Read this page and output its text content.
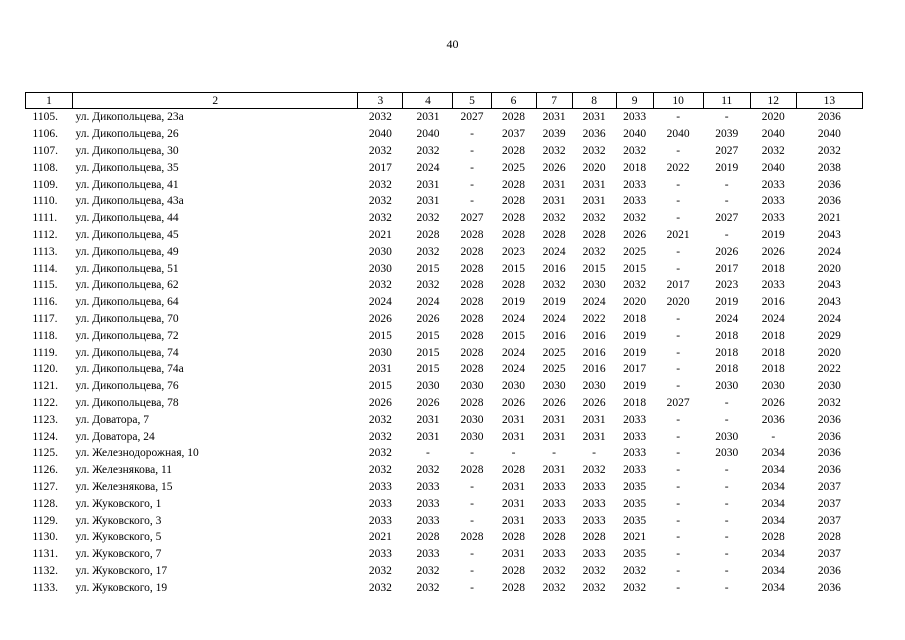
40
1	2	3	4	5	6	7	8	9	10	11	12	13
1105.	ул. Дикопольцева, 23а	2032	2031	2027	2028	2031	2031	2033	-	-	2020	2036
1106.	ул. Дикопольцева, 26	2040	2040	-	2037	2039	2036	2040	2040	2039	2040	2040
1107.	ул. Дикопольцева, 30	2032	2032	-	2028	2032	2032	2032	-	2027	2032	2032
1108.	ул. Дикопольцева, 35	2017	2024	-	2025	2026	2020	2018	2022	2019	2040	2038
1109.	ул. Дикопольцева, 41	2032	2031	-	2028	2031	2031	2033	-	-	2033	2036
1110.	ул. Дикопольцева, 43а	2032	2031	-	2028	2031	2031	2033	-	-	2033	2036
1111.	ул. Дикопольцева, 44	2032	2032	2027	2028	2032	2032	2032	-	2027	2033	2021
1112.	ул. Дикопольцева, 45	2021	2028	2028	2028	2028	2028	2026	2021	-	2019	2043
1113.	ул. Дикопольцева, 49	2030	2032	2028	2023	2024	2032	2025	-	2026	2026	2024
1114.	ул. Дикопольцева, 51	2030	2015	2028	2015	2016	2015	2015	-	2017	2018	2020
1115.	ул. Дикопольцева, 62	2032	2032	2028	2028	2032	2030	2032	2017	2023	2033	2043
1116.	ул. Дикопольцева, 64	2024	2024	2028	2019	2019	2024	2020	2020	2019	2016	2043
1117.	ул. Дикопольцева, 70	2026	2026	2028	2024	2024	2022	2018	-	2024	2024	2024
1118.	ул. Дикопольцева, 72	2015	2015	2028	2015	2016	2016	2019	-	2018	2018	2029
1119.	ул. Дикопольцева, 74	2030	2015	2028	2024	2025	2016	2019	-	2018	2018	2020
1120.	ул. Дикопольцева, 74а	2031	2015	2028	2024	2025	2016	2017	-	2018	2018	2022
1121.	ул. Дикопольцева, 76	2015	2030	2030	2030	2030	2030	2019	-	2030	2030	2030
1122.	ул. Дикопольцева, 78	2026	2026	2028	2026	2026	2026	2018	2027	-	2026	2032
1123.	ул. Доватора, 7	2032	2031	2030	2031	2031	2031	2033	-	-	2036	2036
1124.	ул. Доватора, 24	2032	2031	2030	2031	2031	2031	2033	-	2030	-	2036
1125.	ул. Железнодорожная, 10	2032	-	-	-	-	-	2033	-	2030	2034	2036
1126.	ул. Железнякова, 11	2032	2032	2028	2028	2031	2032	2033	-	-	2034	2036
1127.	ул. Железнякова, 15	2033	2033	-	2031	2033	2033	2035	-	-	2034	2037
1128.	ул. Жуковского, 1	2033	2033	-	2031	2033	2033	2035	-	-	2034	2037
1129.	ул. Жуковского, 3	2033	2033	-	2031	2033	2033	2035	-	-	2034	2037
1130.	ул. Жуковского, 5	2021	2028	2028	2028	2028	2028	2021	-	-	2028	2028
1131.	ул. Жуковского, 7	2033	2033	-	2031	2033	2033	2035	-	-	2034	2037
1132.	ул. Жуковского, 17	2032	2032	-	2028	2032	2032	2032	-	-	2034	2036
1133.	ул. Жуковского, 19	2032	2032	-	2028	2032	2032	2032	-	-	2034	2036
